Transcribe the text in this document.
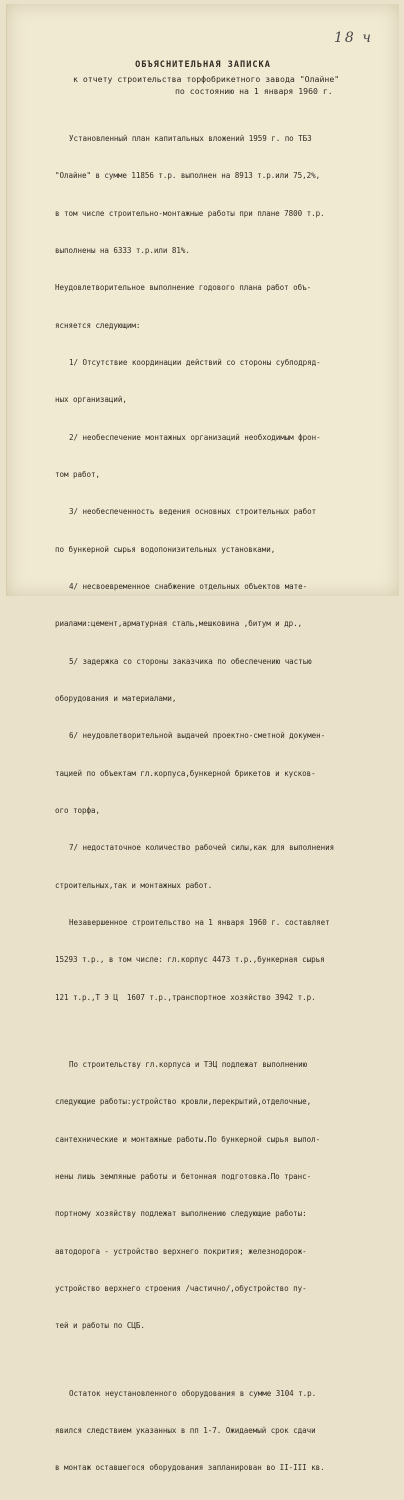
18 ч
ОБЪЯСНИТЕЛЬНАЯ ЗАПИСКА
к отчету строительства торфобрикетного завода "Олайне"
по состоянию на 1 января 1960 г.

Установленный план капитальных вложений 1959 г. по ТБЗ

"Олайне" в сумме 11856 т.р. выполнен на 8913 т.р.или 75,2%,

в том числе строительно-монтажные работы при плане 7800 т.р.

выполнены на 6333 т.р.или 81%.

Неудовлетворительное выполнение годового плана работ объ-

ясняется следующим:

1/ Отсутствие координации действий со стороны субподряд-

ных организаций,

2/ необеспечение монтажных организаций необходимым фрон-

том работ,

3/ необеспеченность ведения основных строительных работ

по бункерной сырья водопонизительных установками,

4/ несвоевременное снабжение отдельных объектов мате-

риалами:цемент,арматурная сталь,мешковина ,битум и др.,

5/ задержка со стороны заказчика по обеспечению частью

оборудования и материалами,

6/ неудовлетворительной выдачей проектно-сметной докумен-

тацией по объектам гл.корпуса,бункерной брикетов и кусков-

ого торфа,

7/ недостаточное количество рабочей силы,как для выполнения

строительных,так и монтажных работ.

Незавершенное строительство на 1 января 1960 г. составляет

15293 т.р., в том числе: гл.корпус 4473 т.р.,бункерная сырья

121 т.р.,Т Э Ц  1607 т.р.,транспортное хозяйство 3942 т.р.

По строительству гл.корпуса и ТЭЦ подлежат выполнению

следующие работы:устройство кровли,перекрытий,отделочные,

сантехнические и монтажные работы.По бункерной сырья выпол-

нены лишь земляные работы и бетонная подготовка.По транс-

портному хозяйству подлежат выполнению следующие работы:

автодорога - устройство верхнего покрития; железнодорож-

устройство верхнего строения /частично/,обустройство пу-

тей и работы по СЦБ.

Остаток неустановленного оборудования в сумме 3104 т.р.

явился следствием указанных в пп 1-7. Ожидаемый срок сдачи

в монтаж оставшегося оборудования запланирован во II-III кв.
